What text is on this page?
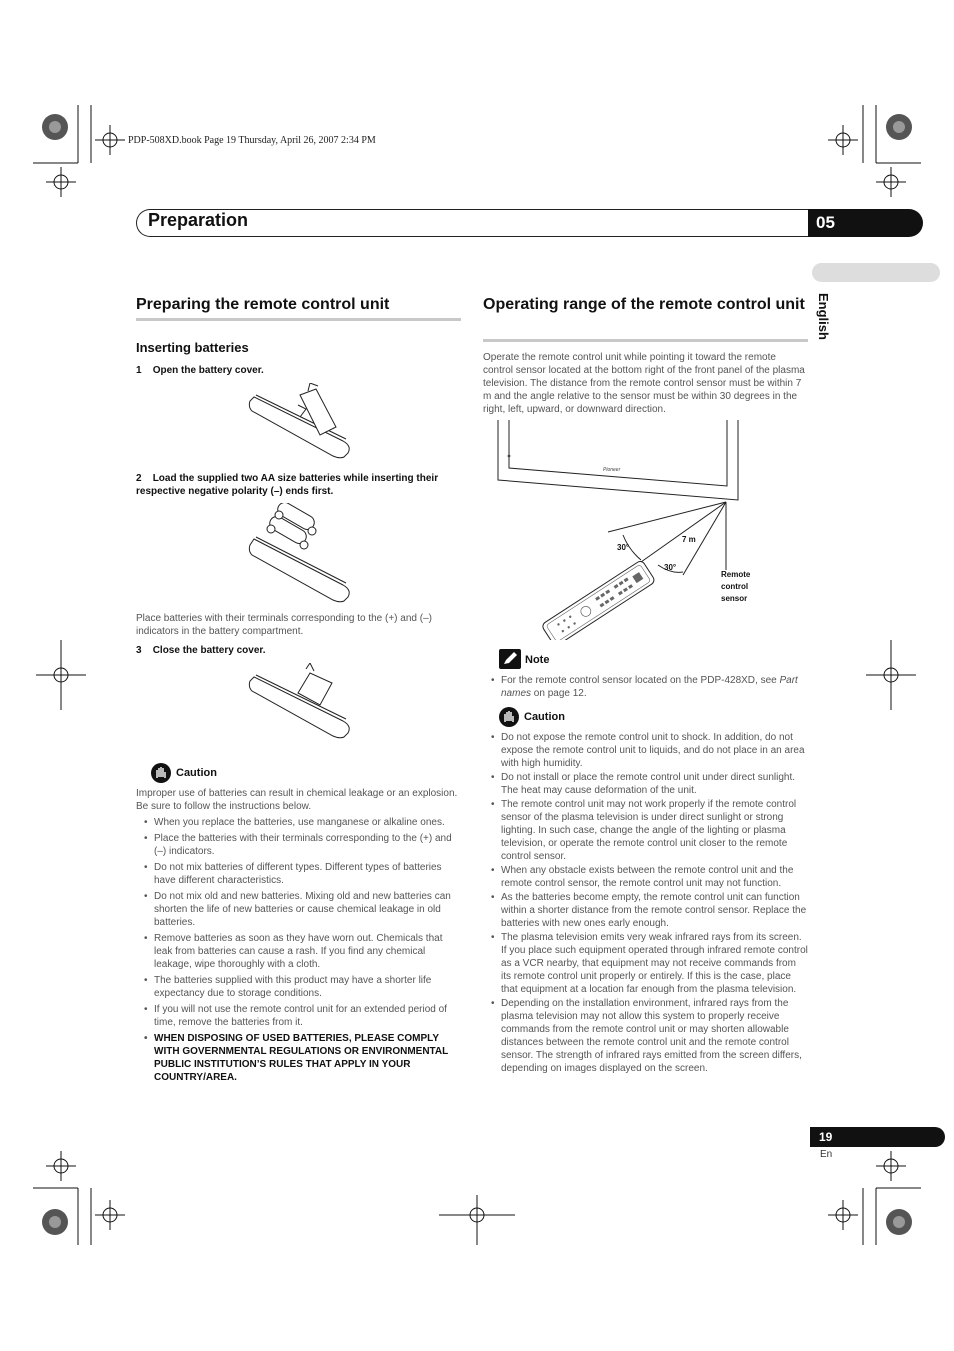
PDP-508XD.book Page 19 Thursday, April 26, 2007 2:34 PM
Preparation	05
English
Preparing the remote control unit
Inserting batteries
1 Open the battery cover.
2 Load the supplied two AA size batteries while inserting their respective negative polarity (–) ends first.
Place batteries with their terminals corresponding to the (+) and (–) indicators in the battery compartment.
3 Close the battery cover.
Caution
Improper use of batteries can result in chemical leakage or an explosion. Be sure to follow the instructions below.
• When you replace the batteries, use manganese or alkaline ones.
• Place the batteries with their terminals corresponding to the (+) and (–) indicators.
• Do not mix batteries of different types. Different types of batteries have different characteristics.
• Do not mix old and new batteries. Mixing old and new batteries can shorten the life of new batteries or cause chemical leakage in old batteries.
• Remove batteries as soon as they have worn out. Chemicals that leak from batteries can cause a rash. If you find any chemical leakage, wipe thoroughly with a cloth.
• The batteries supplied with this product may have a shorter life expectancy due to storage conditions.
• If you will not use the remote control unit for an extended period of time, remove the batteries from it.
• WHEN DISPOSING OF USED BATTERIES, PLEASE COMPLY WITH GOVERNMENTAL REGULATIONS OR ENVIRONMENTAL PUBLIC INSTITUTION’S RULES THAT APPLY IN YOUR COUNTRY/AREA.
Operating range of the remote control unit
Operate the remote control unit while pointing it toward the remote control sensor located at the bottom right of the front panel of the plasma television. The distance from the remote control sensor must be within 7 m and the angle relative to the sensor must be within 30 degrees in the right, left, upward, or downward direction.
Pioneer
7 m
30°
30°
Remote
control
sensor
Note
• For the remote control sensor located on the PDP-428XD, see Part names on page 12.
Caution
• Do not expose the remote control unit to shock. In addition, do not expose the remote control unit to liquids, and do not place in an area with high humidity.
• Do not install or place the remote control unit under direct sunlight. The heat may cause deformation of the unit.
• The remote control unit may not work properly if the remote control sensor of the plasma television is under direct sunlight or strong lighting. In such case, change the angle of the lighting or plasma television, or operate the remote control unit closer to the remote control sensor.
• When any obstacle exists between the remote control unit and the remote control sensor, the remote control unit may not function.
• As the batteries become empty, the remote control unit can function within a shorter distance from the remote control sensor. Replace the batteries with new ones early enough.
• The plasma television emits very weak infrared rays from its screen. If you place such equipment operated through infrared remote control as a VCR nearby, that equipment may not receive commands from its remote control unit properly or entirely. If this is the case, place that equipment at a location far enough from the plasma television.
• Depending on the installation environment, infrared rays from the plasma television may not allow this system to properly receive commands from the remote control unit or may shorten allowable distances between the remote control unit and the remote control sensor. The strength of infrared rays emitted from the screen differs, depending on images displayed on the screen.
19
En
